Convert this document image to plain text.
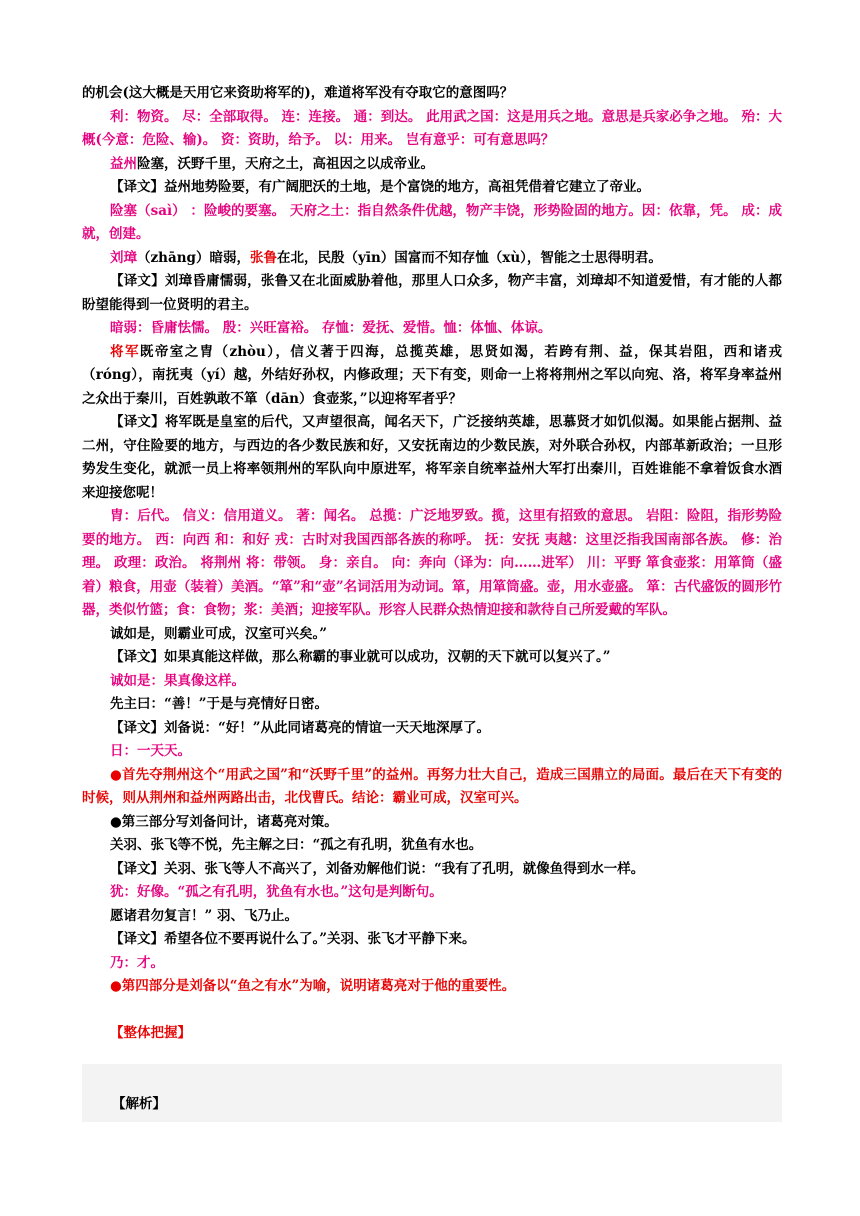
的机会(这大概是天用它来资助将军的)，难道将军没有夺取它的意图吗？

利：物资。 尽：全部取得。 连：连接。 通：到达。 此用武之国：这是用兵之地。意思是兵家必争之地。 殆：大概(今意：危险、输)。 资：资助，给予。 以：用来。 岂有意乎：可有意思吗？

益州险塞，沃野千里，天府之土，高祖因之以成帝业。

【译文】益州地势险要，有广阔肥沃的土地，是个富饶的地方，高祖凭借着它建立了帝业。

险塞（saì） ：险峻的要塞。 天府之土：指自然条件优越，物产丰饶，形势险固的地方。因：依靠，凭。 成：成就，创建。

刘璋（zhāng）暗弱，张鲁在北，民殷（yīn）国富而不知存恤（xù），智能之士思得明君。

【译文】刘璋昏庸懦弱，张鲁又在北面威胁着他，那里人口众多，物产丰富，刘璋却不知道爱惜，有才能的人都盼望能得到一位贤明的君主。

暗弱：昏庸怯懦。 殷：兴旺富裕。 存恤：爱抚、爱惜。恤：体恤、体谅。

将军既帝室之胄（zhòu），信义著于四海，总揽英雄，思贤如渴，若跨有荆、益，保其岩阻，西和诸戎（róng），南抚夷（yí）越，外结好孙权，内修政理；天下有变，则命一上将将荆州之军以向宛、洛，将军身率益州之众出于秦川，百姓孰敢不箪（dān）食壶浆，”以迎将军者乎？

【译文】将军既是皇室的后代，又声望很高，闻名天下，广泛接纳英雄，思慕贤才如饥似渴。如果能占据荆、益二州，守住险要的地方，与西边的各少数民族和好，又安抚南边的少数民族，对外联合孙权，内部革新政治；一旦形势发生变化，就派一员上将率领荆州的军队向中原进军，将军亲自统率益州大军打出秦川，百姓谁能不拿着饭食水酒来迎接您呢！

胄：后代。 信义：信用道义。 著：闻名。 总揽：广泛地罗致。揽，这里有招致的意思。 岩阻：险阻，指形势险要的地方。 西：向西 和：和好 戎：古时对我国西部各族的称呼。 抚：安抚 夷越：这里泛指我国南部各族。 修：治理。 政理：政治。 将荆州 将：带领。 身：亲自。 向：奔向（译为：向……进军） 川：平野 箪食壶浆：用箪筒（盛着）粮食，用壶（装着）美酒。“箪”和“壶”名词活用为动词。箪，用箪筒盛。壶，用水壶盛。 箪：古代盛饭的圆形竹器，类似竹篮；食：食物；浆：美酒；迎接军队。形容人民群众热情迎接和款待自己所爱戴的军队。

诚如是，则霸业可成，汉室可兴矣。”

【译文】如果真能这样做，那么称霸的事业就可以成功，汉朝的天下就可以复兴了。”

诚如是：果真像这样。

先主曰：“善！”于是与亮情好日密。

【译文】刘备说：“好！”从此同诸葛亮的情谊一天天地深厚了。

日：一天天。

●首先夺荆州这个“用武之国”和“沃野千里”的益州。再努力壮大自己，造成三国鼎立的局面。最后在天下有变的时候，则从荆州和益州两路出击，北伐曹氏。结论：霸业可成，汉室可兴。

●第三部分写刘备问计，诸葛亮对策。

关羽、张飞等不悦，先主解之曰：“孤之有孔明，犹鱼有水也。

【译文】关羽、张飞等人不高兴了，刘备劝解他们说：“我有了孔明，就像鱼得到水一样。

犹：好像。“孤之有孔明，犹鱼有水也。”这句是判断句。

愿诸君勿复言！” 羽、飞乃止。

【译文】希望各位不要再说什么了。”关羽、张飞才平静下来。

乃：才。

●第四部分是刘备以“鱼之有水”为喻，说明诸葛亮对于他的重要性。

【整体把握】

【解析】
